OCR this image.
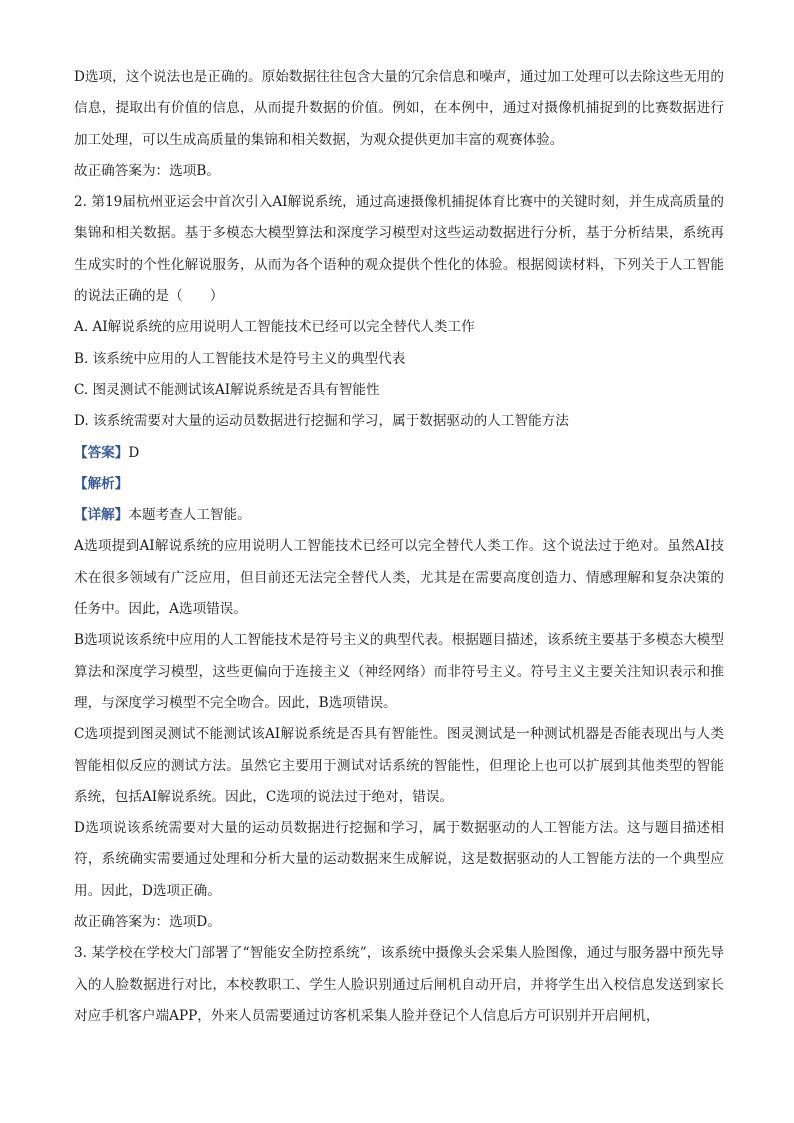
D选项，这个说法也是正确的。原始数据往往包含大量的冗余信息和噪声，通过加工处理可以去除这些无用的信息，提取出有价值的信息，从而提升数据的价值。例如，在本例中，通过对摄像机捕捉到的比赛数据进行加工处理，可以生成高质量的集锦和相关数据，为观众提供更加丰富的观赛体验。

故正确答案为：选项B。

2. 第19届杭州亚运会中首次引入AI解说系统，通过高速摄像机捕捉体育比赛中的关键时刻，并生成高质量的集锦和相关数据。基于多模态大模型算法和深度学习模型对这些运动数据进行分析，基于分析结果，系统再生成实时的个性化解说服务，从而为各个语种的观众提供个性化的体验。根据阅读材料，下列关于人工智能的说法正确的是（　　）

A. AI解说系统的应用说明人工智能技术已经可以完全替代人类工作

B. 该系统中应用的人工智能技术是符号主义的典型代表

C. 图灵测试不能测试该AI解说系统是否具有智能性

D. 该系统需要对大量的运动员数据进行挖掘和学习，属于数据驱动的人工智能方法

【答案】D

【解析】

【详解】本题考查人工智能。

A选项提到AI解说系统的应用说明人工智能技术已经可以完全替代人类工作。这个说法过于绝对。虽然AI技术在很多领域有广泛应用，但目前还无法完全替代人类，尤其是在需要高度创造力、情感理解和复杂决策的任务中。因此，A选项错误。

B选项说该系统中应用的人工智能技术是符号主义的典型代表。根据题目描述，该系统主要基于多模态大模型算法和深度学习模型，这些更偏向于连接主义（神经网络）而非符号主义。符号主义主要关注知识表示和推理，与深度学习模型不完全吻合。因此，B选项错误。

C选项提到图灵测试不能测试该AI解说系统是否具有智能性。图灵测试是一种测试机器是否能表现出与人类智能相似反应的测试方法。虽然它主要用于测试对话系统的智能性，但理论上也可以扩展到其他类型的智能系统，包括AI解说系统。因此，C选项的说法过于绝对，错误。

D选项说该系统需要对大量的运动员数据进行挖掘和学习，属于数据驱动的人工智能方法。这与题目描述相符，系统确实需要通过处理和分析大量的运动数据来生成解说，这是数据驱动的人工智能方法的一个典型应用。因此，D选项正确。

故正确答案为：选项D。

3. 某学校在学校大门部署了“智能安全防控系统”，该系统中摄像头会采集人脸图像，通过与服务器中预先导入的人脸数据进行对比，本校教职工、学生人脸识别通过后闸机自动开启，并将学生出入校信息发送到家长对应手机客户端APP，外来人员需要通过访客机采集人脸并登记个人信息后方可识别并开启闸机，
